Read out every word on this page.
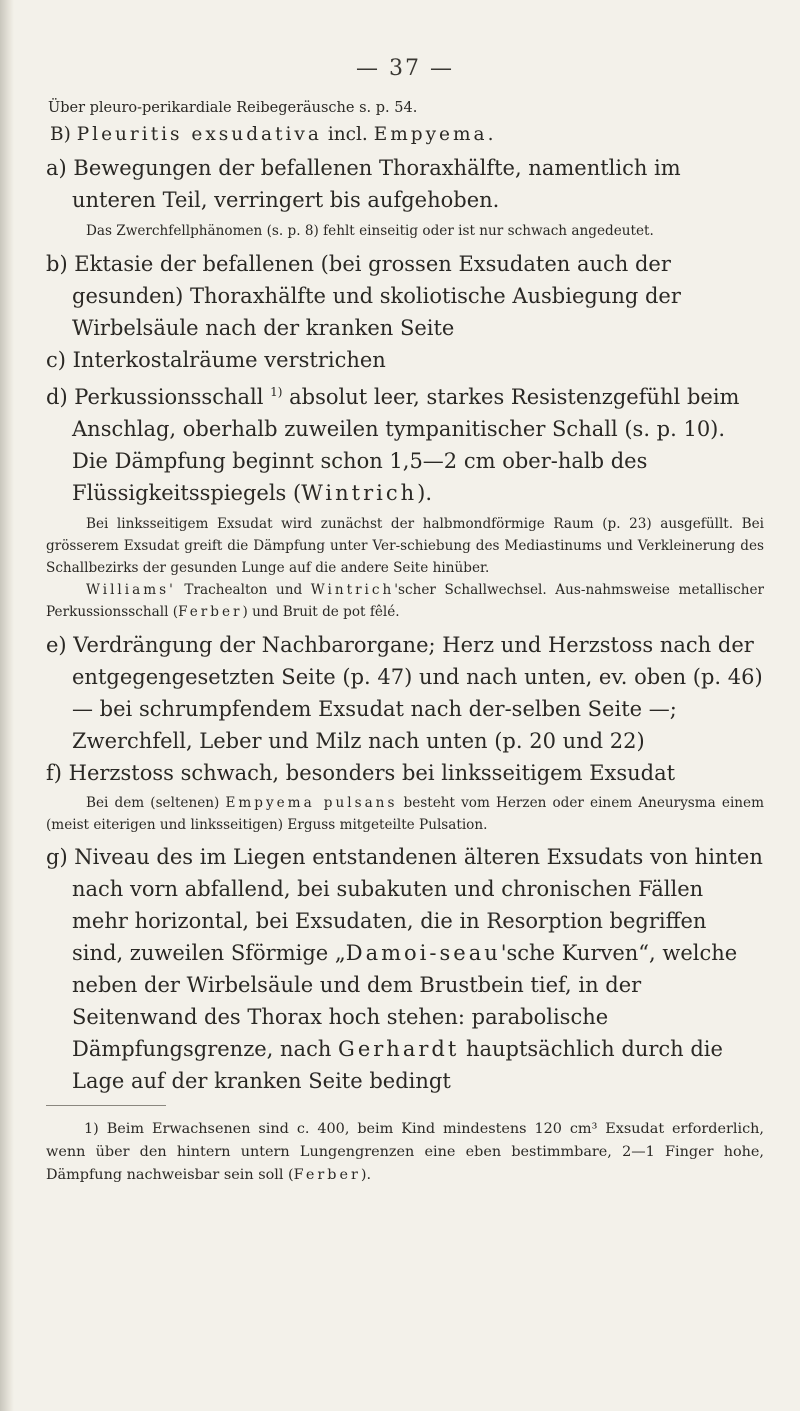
— 37 —

Über pleuro-perikardiale Reibegeräusche s. p. 54.

B) Pleuritis exsudativa incl. Empyema.

a) Bewegungen der befallenen Thoraxhälfte, namentlich im unteren Teil, verringert bis aufgehoben.

Das Zwerchfellphänomen (s. p. 8) fehlt einseitig oder ist nur schwach angedeutet.

b) Ektasie der befallenen (bei grossen Exsudaten auch der gesunden) Thoraxhälfte und skoliotische Ausbiegung der Wirbelsäule nach der kranken Seite

c) Interkostalräume verstrichen

d) Perkussionsschall $^{1)}$ absolut leer, starkes Resistenzgefühl beim Anschlag, oberhalb zuweilen tympanitischer Schall (s. p. 10). Die Dämpfung beginnt schon 1,5—2 cm ober-halb des Flüssigkeitsspiegels (Wintrich).

Bei linksseitigem Exsudat wird zunächst der halbmondförmige Raum (p. 23) ausgefüllt. Bei grösserem Exsudat greift die Dämpfung unter Ver-schiebung des Mediastinums und Verkleinerung des Schallbezirks der gesunden Lunge auf die andere Seite hinüber.

Williams' Trachealton und Wintrich'scher Schallwechsel. Aus-nahmsweise metallischer Perkussionsschall (Ferber) und Bruit de pot fêlé.

e) Verdrängung der Nachbarorgane; Herz und Herzstoss nach der entgegengesetzten Seite (p. 47) und nach unten, ev. oben (p. 46) — bei schrumpfendem Exsudat nach der-selben Seite —; Zwerchfell, Leber und Milz nach unten (p. 20 und 22)

f) Herzstoss schwach, besonders bei linksseitigem Exsudat

Bei dem (seltenen) Empyema pulsans besteht vom Herzen oder einem Aneurysma einem (meist eiterigen und linksseitigen) Erguss mitgeteilte Pulsation.

g) Niveau des im Liegen entstandenen älteren Exsudats von hinten nach vorn abfallend, bei subakuten und chronischen Fällen mehr horizontal, bei Exsudaten, die in Resorption begriffen sind, zuweilen Sförmige „Damoi-seau'sche Kurven“, welche neben der Wirbelsäule und dem Brustbein tief, in der Seitenwand des Thorax hoch stehen: parabolische Dämpfungsgrenze, nach Gerhardt hauptsächlich durch die Lage auf der kranken Seite bedingt

1) Beim Erwachsenen sind c. 400, beim Kind mindestens 120 cm³ Exsudat erforderlich, wenn über den hintern untern Lungengrenzen eine eben bestimmbare, 2—1 Finger hohe, Dämpfung nachweisbar sein soll (Ferber).
